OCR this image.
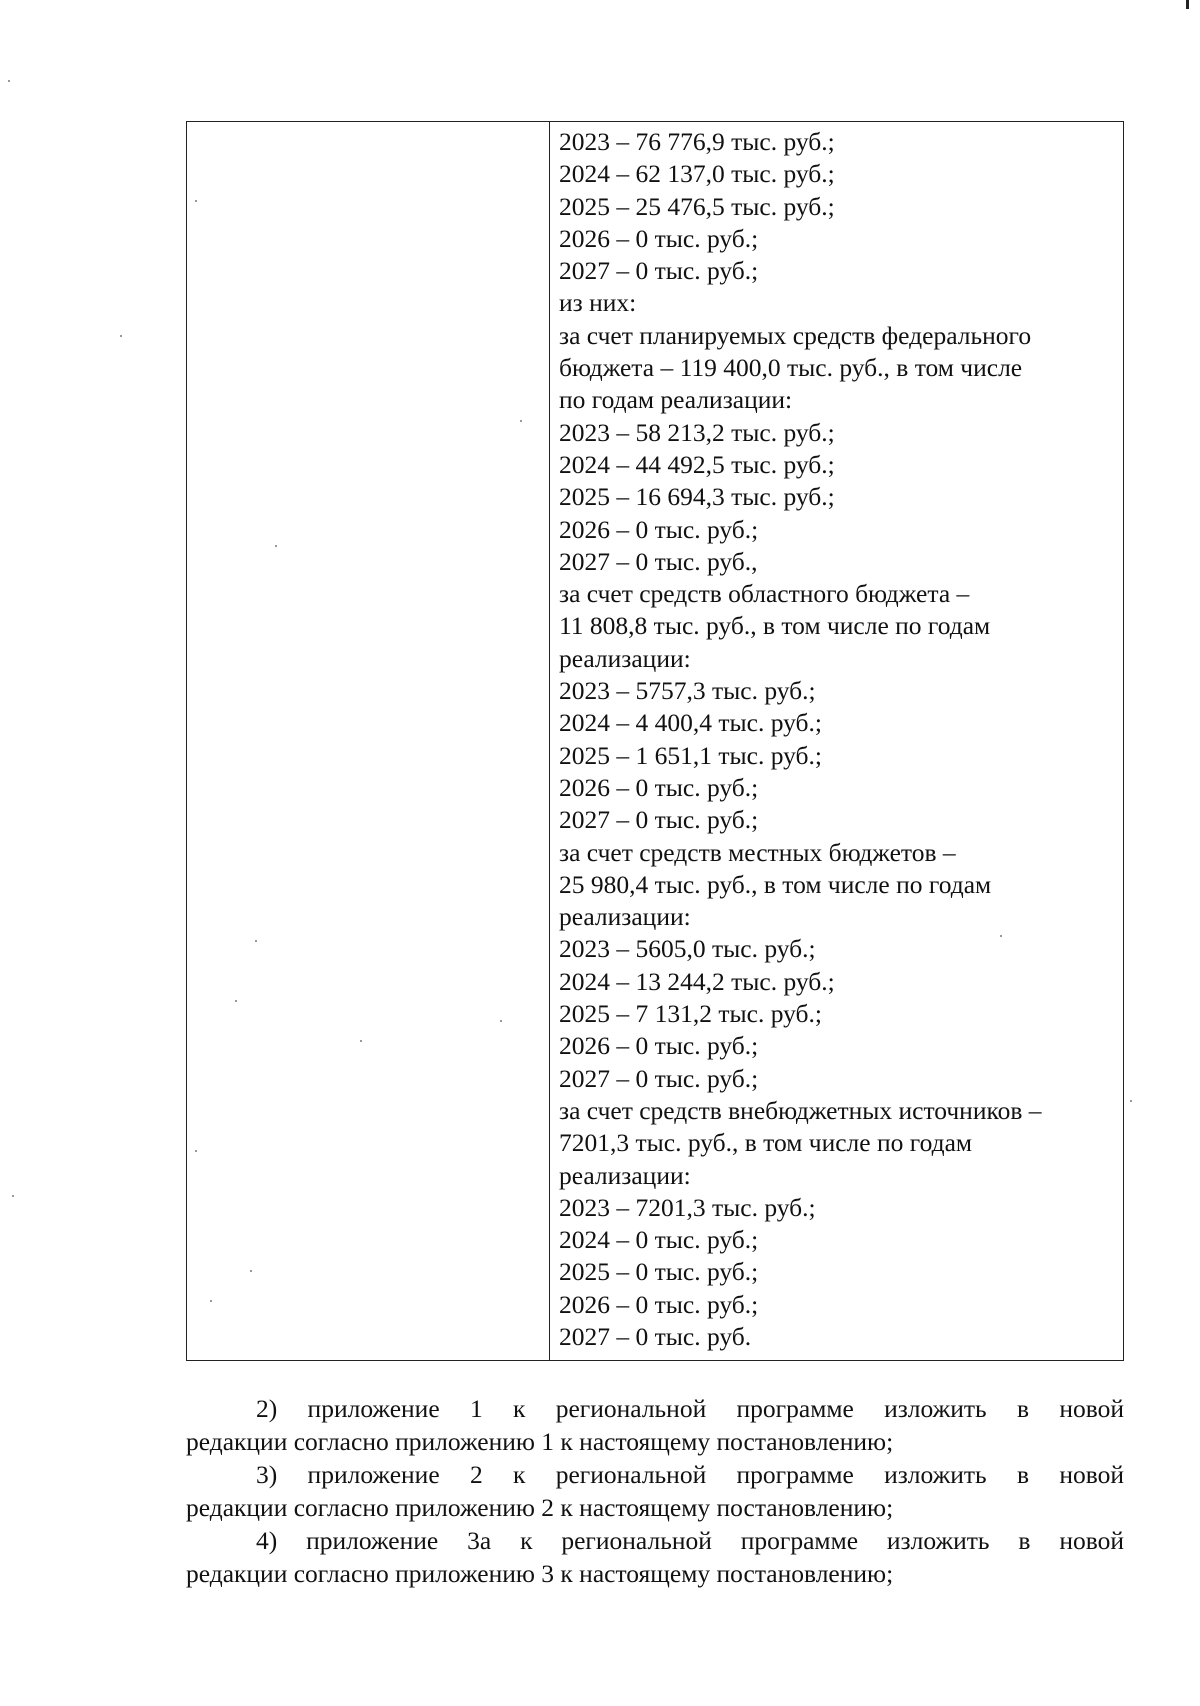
2023 – 76 776,9 тыс. руб.;
2024 – 62 137,0 тыс. руб.;
2025 – 25 476,5 тыс. руб.;
2026 – 0 тыс. руб.;
2027 – 0 тыс. руб.;
из них:
за счет планируемых средств федерального
бюджета – 119 400,0 тыс. руб., в том числе
по годам реализации:
2023 – 58 213,2 тыс. руб.;
2024 – 44 492,5 тыс. руб.;
2025 – 16 694,3 тыс. руб.;
2026 – 0 тыс. руб.;
2027 – 0 тыс. руб.,
за счет средств областного бюджета –
11 808,8 тыс. руб., в том числе по годам
реализации:
2023 – 5757,3 тыс. руб.;
2024 – 4 400,4 тыс. руб.;
2025 – 1 651,1 тыс. руб.;
2026 – 0 тыс. руб.;
2027 – 0 тыс. руб.;
за счет средств местных бюджетов –
25 980,4 тыс. руб., в том числе по годам
реализации:
2023 – 5605,0 тыс. руб.;
2024 – 13 244,2 тыс. руб.;
2025 – 7 131,2 тыс. руб.;
2026 – 0 тыс. руб.;
2027 – 0 тыс. руб.;
за счет средств внебюджетных источников –
7201,3 тыс. руб., в том числе по годам
реализации:
2023 – 7201,3 тыс. руб.;
2024 – 0 тыс. руб.;
2025 – 0 тыс. руб.;
2026 – 0 тыс. руб.;
2027 – 0 тыс. руб.

2) приложение 1 к региональной программе изложить в новой
редакции согласно приложению 1 к настоящему постановлению;

3) приложение 2 к региональной программе изложить в новой
редакции согласно приложению 2 к настоящему постановлению;

4) приложение 3а к региональной программе изложить в новой
редакции согласно приложению 3 к настоящему постановлению;
